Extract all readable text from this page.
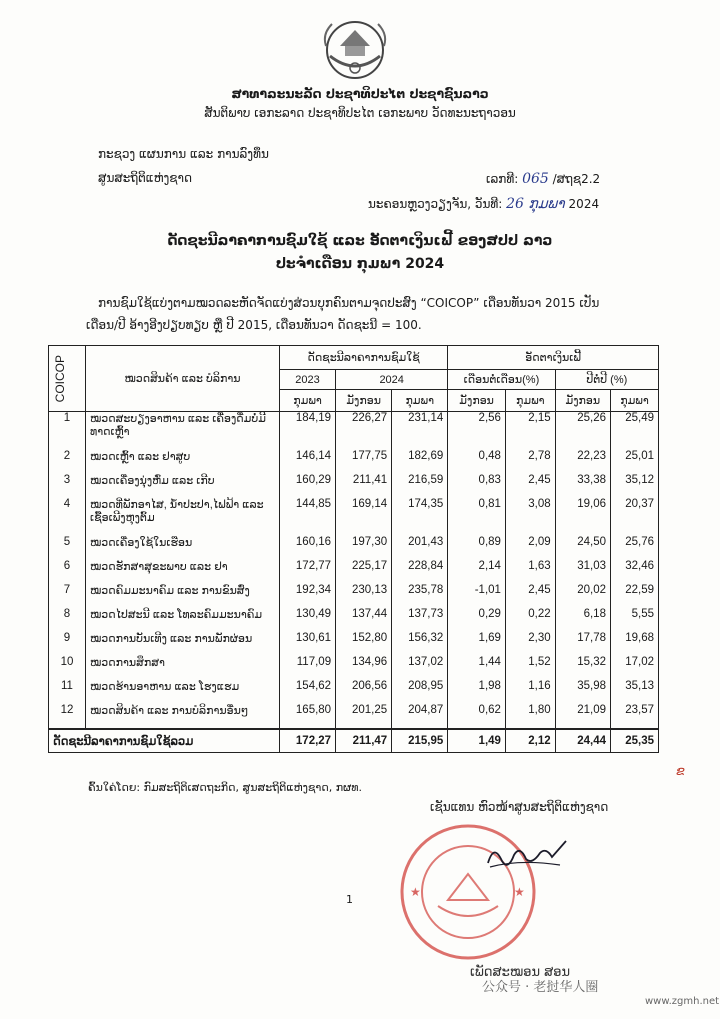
ສາທາລະນະລັດ ປະຊາທິປະໄຕ ປະຊາຊົນລາວ
ສັນຕິພາບ ເອກະລາດ ປະຊາທິປະໄຕ ເອກະພາບ ວັດທະນະຖາວອນ
ກະຊວງ ແຜນການ ແລະ ການລົງທຶນ
ສູນສະຖິຕິແຫ່ງຊາດ	ເລກທີ: 065 /ສຖຊ2.2
ນະຄອນຫຼວງວຽງຈັນ, ວັນທີ: 26 ກຸມພາ 2024
ດັດຊະນີລາຄາການຊົມໃຊ້ ແລະ ອັດຕາເງິນເຟີ້ ຂອງສປປ ລາວ
ປະຈຳເດືອນ ກຸມພາ 2024
ການຊົມໃຊ້ແບ່ງຕາມໝວດລະຫັດຈັດແບ່ງສ່ວນບຸກຄົນຕາມຈຸດປະສົງ “COICOP” ເດືອນທັນວາ 2015 ເປັນ
ເດືອນ/ປີ ອ້າງອີງປຽບທຽບ ຫຼື ປີ 2015, ເດືອນທັນວາ ດັດຊະນີ = 100.
COICOP	ໝວດສິນຄ້າ ແລະ ບໍລິການ	ດັດຊະນີລາຄາການຊົມໃຊ້			ອັດຕາເງິນເຟີ້			
		2023	2024		ເດືອນຕໍ່ເດືອນ(%)		ປີຕໍ່ປີ (%)	
		ກຸມພາ	ມັງກອນ	ກຸມພາ	ມັງກອນ	ກຸມພາ	ມັງກອນ	ກຸມພາ
1	ໝວດສະບຽງອາຫານ ແລະ ເຄື່ອງດື່ມບໍ່ມີທາດເຫຼົ້າ	184,19	226,27	231,14	2,56	2,15	25,26	25,49
2	ໝວດເຫຼົ້າ ແລະ ຢາສູບ	146,14	177,75	182,69	0,48	2,78	22,23	25,01
3	ໝວດເຄື່ອງນຸ່ງຫົ່ມ ແລະ ເກີບ	160,29	211,41	216,59	0,83	2,45	33,38	35,12
4	ໝວດທີ່ພັກອາໄສ, ນ້ຳປະປາ,ໄຟຟ້າ ແລະ ເຊື້ອເພີງຫຸງຕົ້ມ	144,85	169,14	174,35	0,81	3,08	19,06	20,37
5	ໝວດເຄື່ອງໃຊ້ໃນເຮືອນ	160,16	197,30	201,43	0,89	2,09	24,50	25,76
6	ໝວດຮັກສາສຸຂະພາບ ແລະ ຢາ	172,77	225,17	228,84	2,14	1,63	31,03	32,46
7	ໝວດຄົມມະນາຄົມ ແລະ ການຂົນສົ່ງ	192,34	230,13	235,78	-1,01	2,45	20,02	22,59
8	ໝວດໄປສະນີ ແລະ ໂທລະຄົມມະນາຄົມ	130,49	137,44	137,73	0,29	0,22	6,18	5,55
9	ໝວດການບັນເທີງ ແລະ ການພັກຜ່ອນ	130,61	152,80	156,32	1,69	2,30	17,78	19,68
10	ໝວດການສຶກສາ	117,09	134,96	137,02	1,44	1,52	15,32	17,02
11	ໝວດຮ້ານອາຫານ ແລະ ໂຮງແຮມ	154,62	206,56	208,95	1,98	1,16	35,98	35,13
12	ໝວດສິນຄ້າ ແລະ ການບໍລິການອື່ນໆ	165,80	201,25	204,87	0,62	1,80	21,09	23,57
ດັດຊະນີລາຄາການຊົມໃຊ້ລວມ		172,27	211,47	215,95	1,49	2,12	24,44	25,35
ຄົ້ນໃຄ່ໂດຍ: ກົມສະຖິຕິເສດຖະກິດ, ສູນສະຖິຕິແຫ່ງຊາດ, ກຜທ.
ຂ
ເຊັນແທນ ຫົວໜ້າສູນສະຖິຕິແຫ່ງຊາດ
★	★
ເພັດສະໝອນ ສອນ
1
公众号 · 老挝华人圈
www.zgmh.net
